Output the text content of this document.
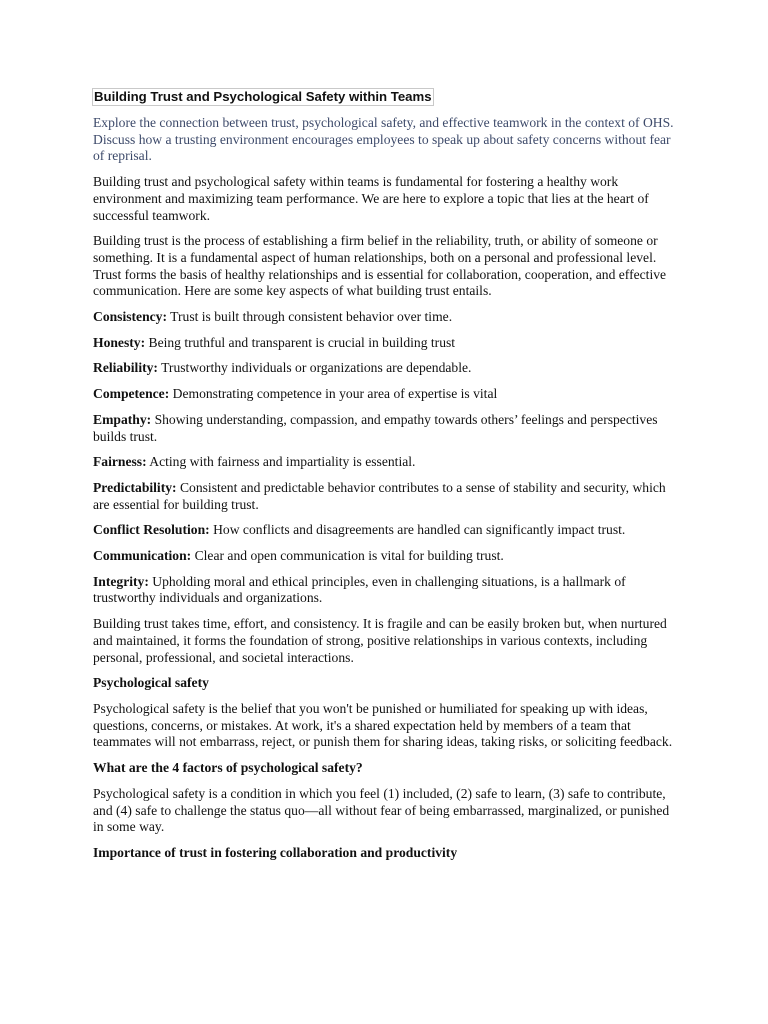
Building Trust and Psychological Safety within Teams

Explore the connection between trust, psychological safety, and effective teamwork in the context of OHS. Discuss how a trusting environment encourages employees to speak up about safety concerns without fear of reprisal.

Building trust and psychological safety within teams is fundamental for fostering a healthy work environment and maximizing team performance. We are here to explore a topic that lies at the heart of successful teamwork.

Building trust is the process of establishing a firm belief in the reliability, truth, or ability of someone or something. It is a fundamental aspect of human relationships, both on a personal and professional level. Trust forms the basis of healthy relationships and is essential for collaboration, cooperation, and effective communication. Here are some key aspects of what building trust entails.

Consistency: Trust is built through consistent behavior over time.

Honesty: Being truthful and transparent is crucial in building trust

Reliability: Trustworthy individuals or organizations are dependable.

Competence: Demonstrating competence in your area of expertise is vital

Empathy: Showing understanding, compassion, and empathy towards others’ feelings and perspectives builds trust.

Fairness: Acting with fairness and impartiality is essential.

Predictability: Consistent and predictable behavior contributes to a sense of stability and security, which are essential for building trust.

Conflict Resolution: How conflicts and disagreements are handled can significantly impact trust.

Communication: Clear and open communication is vital for building trust.

Integrity: Upholding moral and ethical principles, even in challenging situations, is a hallmark of trustworthy individuals and organizations.

Building trust takes time, effort, and consistency. It is fragile and can be easily broken but, when nurtured and maintained, it forms the foundation of strong, positive relationships in various contexts, including personal, professional, and societal interactions.

Psychological safety

Psychological safety is the belief that you won't be punished or humiliated for speaking up with ideas, questions, concerns, or mistakes. At work, it's a shared expectation held by members of a team that teammates will not embarrass, reject, or punish them for sharing ideas, taking risks, or soliciting feedback.

What are the 4 factors of psychological safety?

Psychological safety is a condition in which you feel (1) included, (2) safe to learn, (3) safe to contribute, and (4) safe to challenge the status quo—all without fear of being embarrassed, marginalized, or punished in some way.

Importance of trust in fostering collaboration and productivity
